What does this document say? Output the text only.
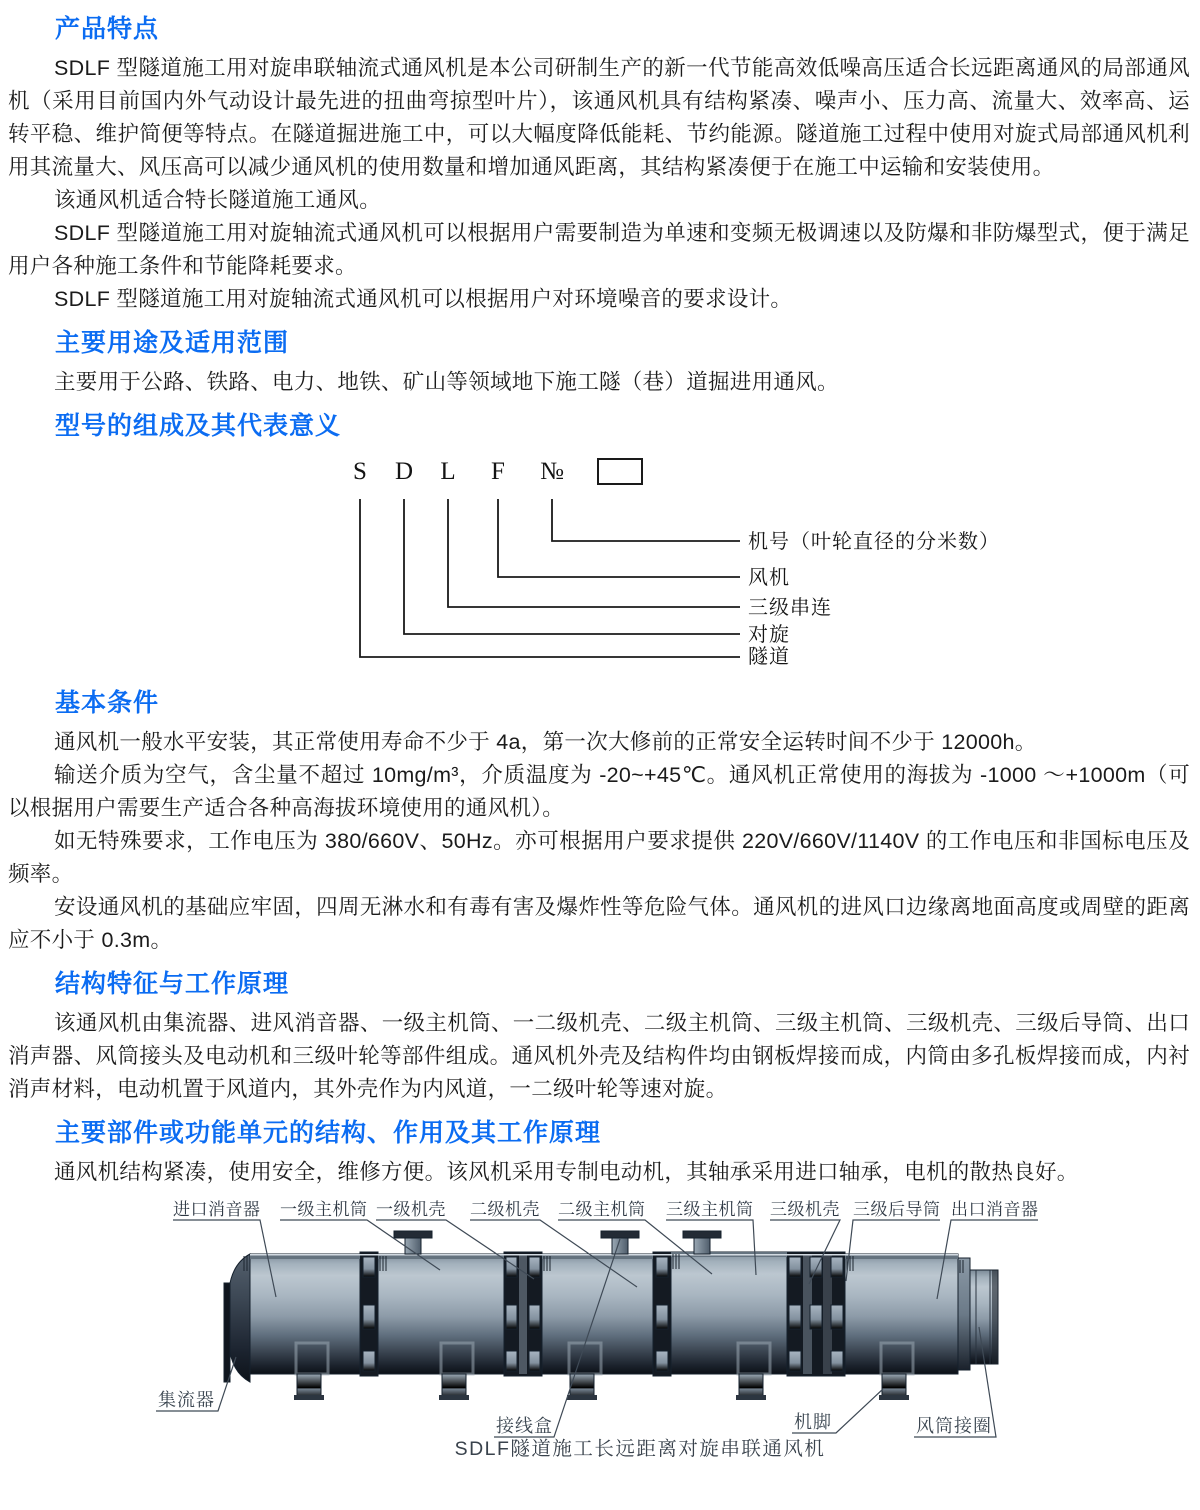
产品特点

SDLF 型隧道施工用对旋串联轴流式通风机是本公司研制生产的新一代节能高效低噪高压适合长远距离通风的局部通风机（采用目前国内外气动设计最先进的扭曲弯掠型叶片），该通风机具有结构紧凑、噪声小、压力高、流量大、效率高、运转平稳、维护简便等特点。在隧道掘进施工中，可以大幅度降低能耗、节约能源。隧道施工过程中使用对旋式局部通风机利用其流量大、风压高可以减少通风机的使用数量和增加通风距离，其结构紧凑便于在施工中运输和安装使用。

该通风机适合特长隧道施工通风。

SDLF 型隧道施工用对旋轴流式通风机可以根据用户需要制造为单速和变频无极调速以及防爆和非防爆型式，便于满足用户各种施工条件和节能降耗要求。

SDLF 型隧道施工用对旋轴流式通风机可以根据用户对环境噪音的要求设计。

主要用途及适用范围

主要用于公路、铁路、电力、地铁、矿山等领域地下施工隧（巷）道掘进用通风。

型号的组成及其代表意义
S D L F №
机号（叶轮直径的分米数）
风机
三级串连
对旋
隧道
基本条件

通风机一般水平安装，其正常使用寿命不少于 4a，第一次大修前的正常安全运转时间不少于 12000h。

输送介质为空气，含尘量不超过 10mg/m³，介质温度为 -20~+45℃。通风机正常使用的海拔为 -1000 ～+1000m（可以根据用户需要生产适合各种高海拔环境使用的通风机）。

如无特殊要求，工作电压为 380/660V、50Hz。亦可根据用户要求提供 220V/660V/1140V 的工作电压和非国标电压及频率。

安设通风机的基础应牢固，四周无淋水和有毒有害及爆炸性等危险气体。通风机的进风口边缘离地面高度或周壁的距离应不小于 0.3m。

结构特征与工作原理

该通风机由集流器、进风消音器、一级主机筒、一二级机壳、二级主机筒、三级主机筒、三级机壳、三级后导筒、出口消声器、风筒接头及电动机和三级叶轮等部件组成。通风机外壳及结构件均由钢板焊接而成，内筒由多孔板焊接而成，内衬消声材料，电动机置于风道内，其外壳作为内风道，一二级叶轮等速对旋。

主要部件或功能单元的结构、作用及其工作原理

通风机结构紧凑，使用安全，维修方便。该风机采用专制电动机，其轴承采用进口轴承，电机的散热良好。

进口消音器 一级主机筒 一级机壳 二级机壳 二级主机筒 三级主机筒 三级机壳 三级后导筒 出口消音器
集流器
接线盒	机脚	风筒接圈
SDLF隧道施工长远距离对旋串联通风机
